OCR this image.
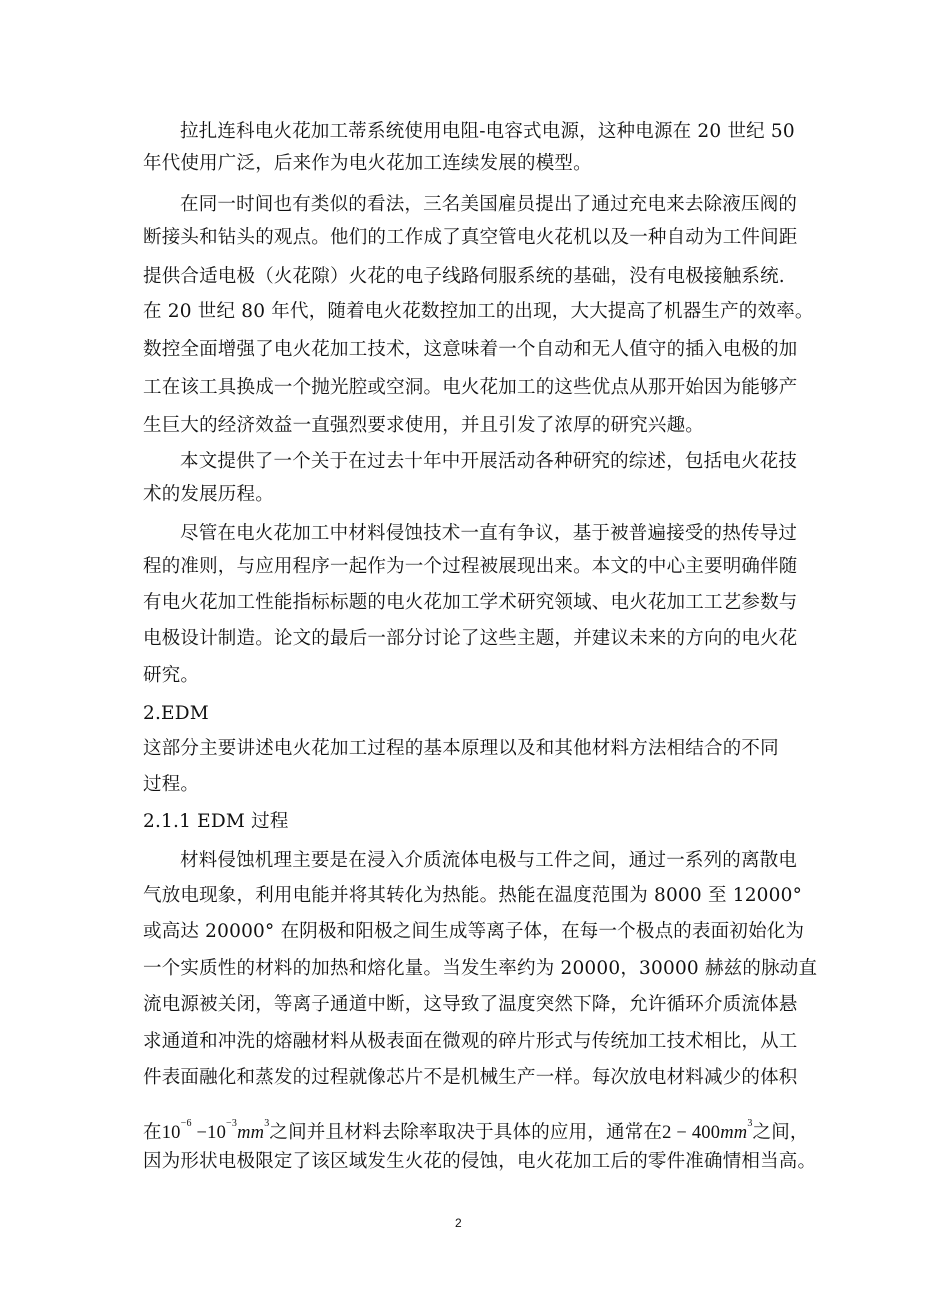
拉扎连科电火花加工蒂系统使用电阻-电容式电源，这种电源在 20 世纪 50
年代使用广泛，后来作为电火花加工连续发展的模型。
在同一时间也有类似的看法，三名美国雇员提出了通过充电来去除液压阀的
断接头和钻头的观点。他们的工作成了真空管电火花机以及一种自动为工件间距
提供合适电极（火花隙）火花的电子线路伺服系统的基础，没有电极接触系统.
在 20 世纪 80 年代，随着电火花数控加工的出现，大大提高了机器生产的效率。
数控全面增强了电火花加工技术，这意味着一个自动和无人值守的插入电极的加
工在该工具换成一个抛光腔或空洞。电火花加工的这些优点从那开始因为能够产
生巨大的经济效益一直强烈要求使用，并且引发了浓厚的研究兴趣。
本文提供了一个关于在过去十年中开展活动各种研究的综述，包括电火花技
术的发展历程。
尽管在电火花加工中材料侵蚀技术一直有争议，基于被普遍接受的热传导过
程的准则，与应用程序一起作为一个过程被展现出来。本文的中心主要明确伴随
有电火花加工性能指标标题的电火花加工学术研究领域、电火花加工工艺参数与
电极设计制造。论文的最后一部分讨论了这些主题，并建议未来的方向的电火花
研究。
2.EDM
这部分主要讲述电火花加工过程的基本原理以及和其他材料方法相结合的不同
过程。
2.1.1 EDM 过程
材料侵蚀机理主要是在浸入介质流体电极与工件之间，通过一系列的离散电
气放电现象，利用电能并将其转化为热能。热能在温度范围为 8000 至 12000°
或高达 20000° 在阴极和阳极之间生成等离子体，在每一个极点的表面初始化为
一个实质性的材料的加热和熔化量。当发生率约为 20000，30000 赫兹的脉动直
流电源被关闭，等离子通道中断，这导致了温度突然下降，允许循环介质流体悬
求通道和冲洗的熔融材料从极表面在微观的碎片形式与传统加工技术相比，从工
件表面融化和蒸发的过程就像芯片不是机械生产一样。每次放电材料减少的体积
在$10^{-6} -10^{-3}mm^3$之间并且材料去除率取决于具体的应用，通常在$2 - 400mm^3$之间，
因为形状电极限定了该区域发生火花的侵蚀，电火花加工后的零件准确情相当高。
2
